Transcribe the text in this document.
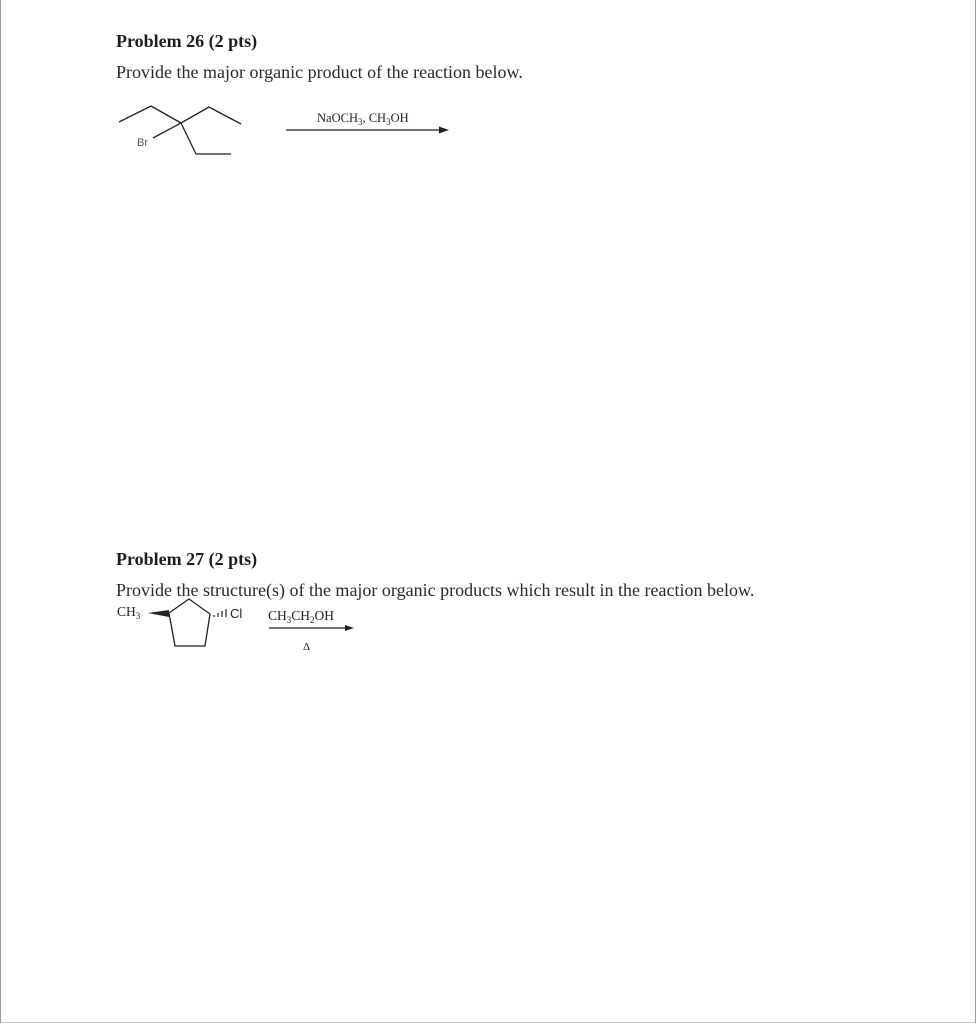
Problem 26 (2 pts)
Provide the major organic product of the reaction below.
Br
NaOCH$_3$, $CH_3OH$
Problem 27 (2 pts)
Provide the structure(s) of the major organic products which result in the reaction below.
$CH_3$	Cl $CH_3CH_2OH$
Δ
